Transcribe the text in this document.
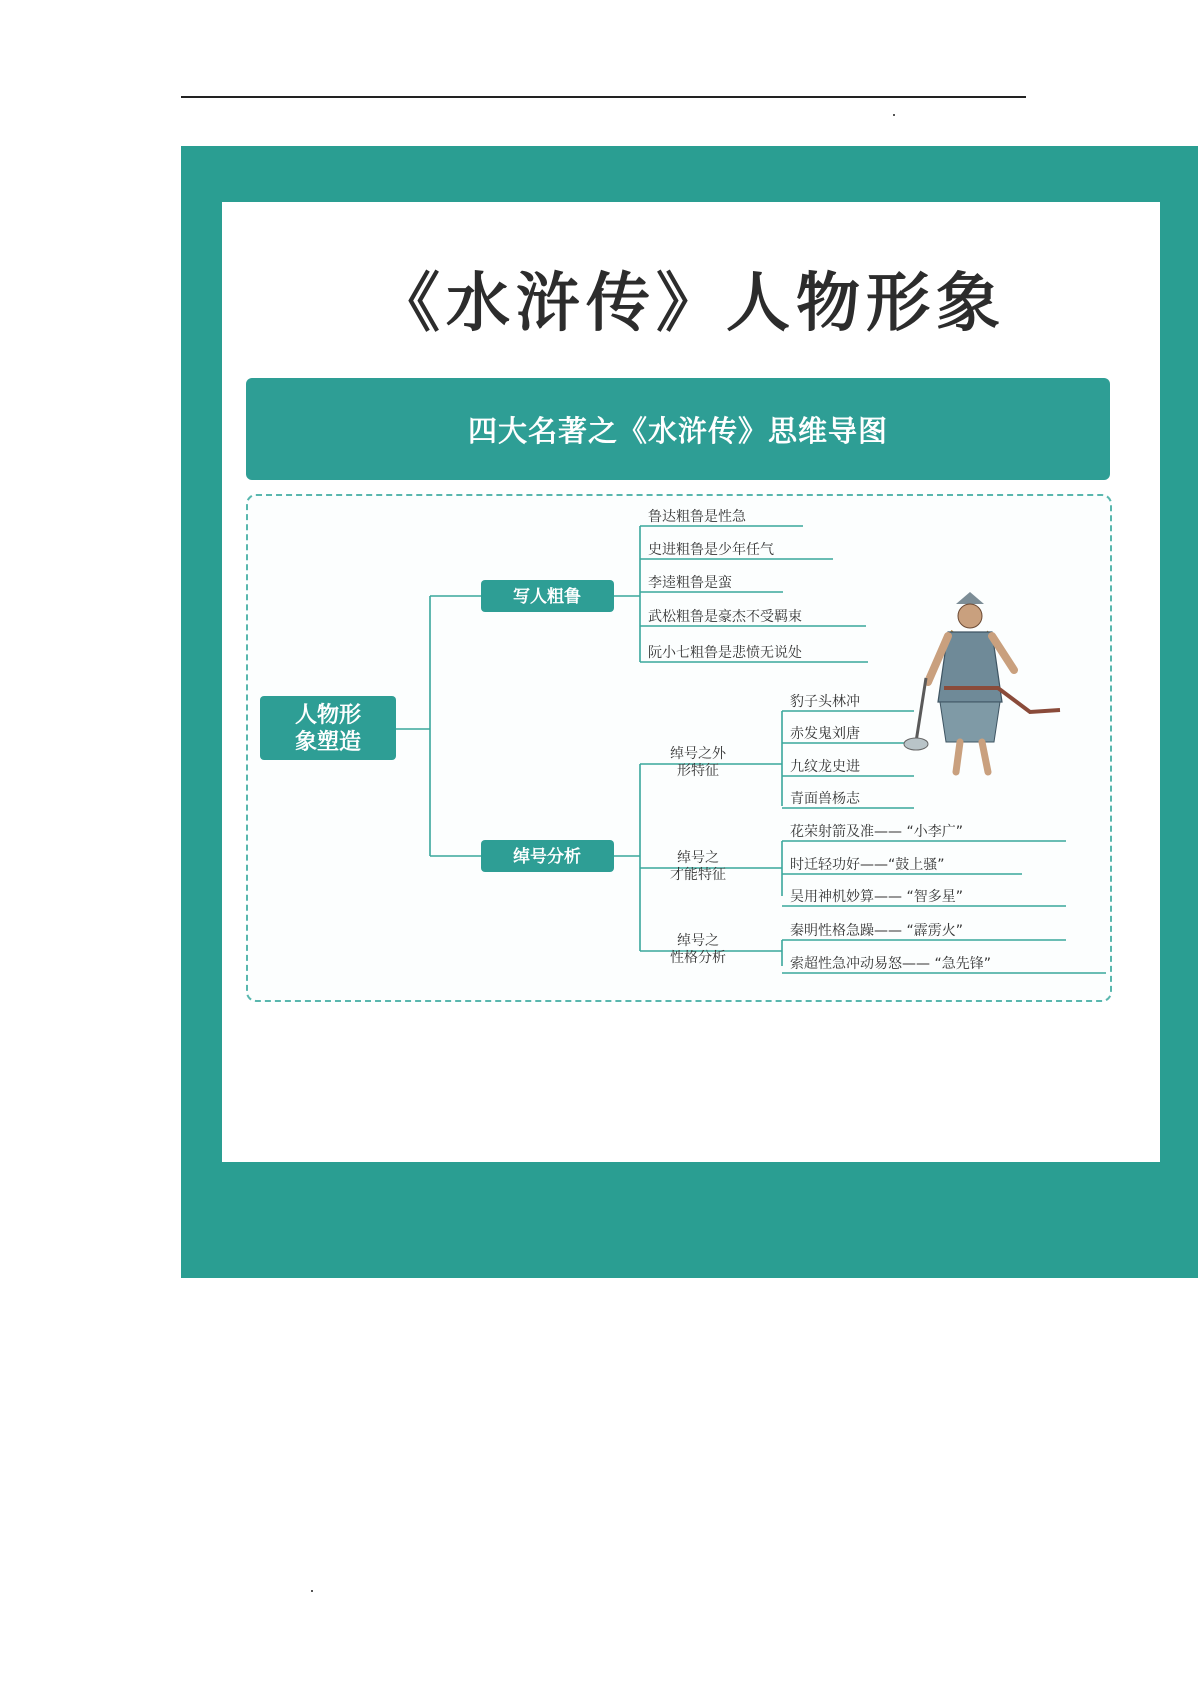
《水浒传》人物形象
四大名著之《水浒传》思维导图
人物形
象塑造
写人粗鲁
绰号分析
鲁达粗鲁是性急
史进粗鲁是少年任气
李逵粗鲁是蛮
武松粗鲁是豪杰不受羁束
阮小七粗鲁是悲愤无说处
绰号之外
形特征
绰号之
才能特征
绰号之
性格分析
豹子头林冲
赤发鬼刘唐
九纹龙史进
青面兽杨志
花荣射箭及准—— “小李广”
时迁轻功好——“鼓上骚”
吴用神机妙算—— “智多星”
秦明性格急躁—— “霹雳火”
索超性急冲动易怒—— “急先锋”
